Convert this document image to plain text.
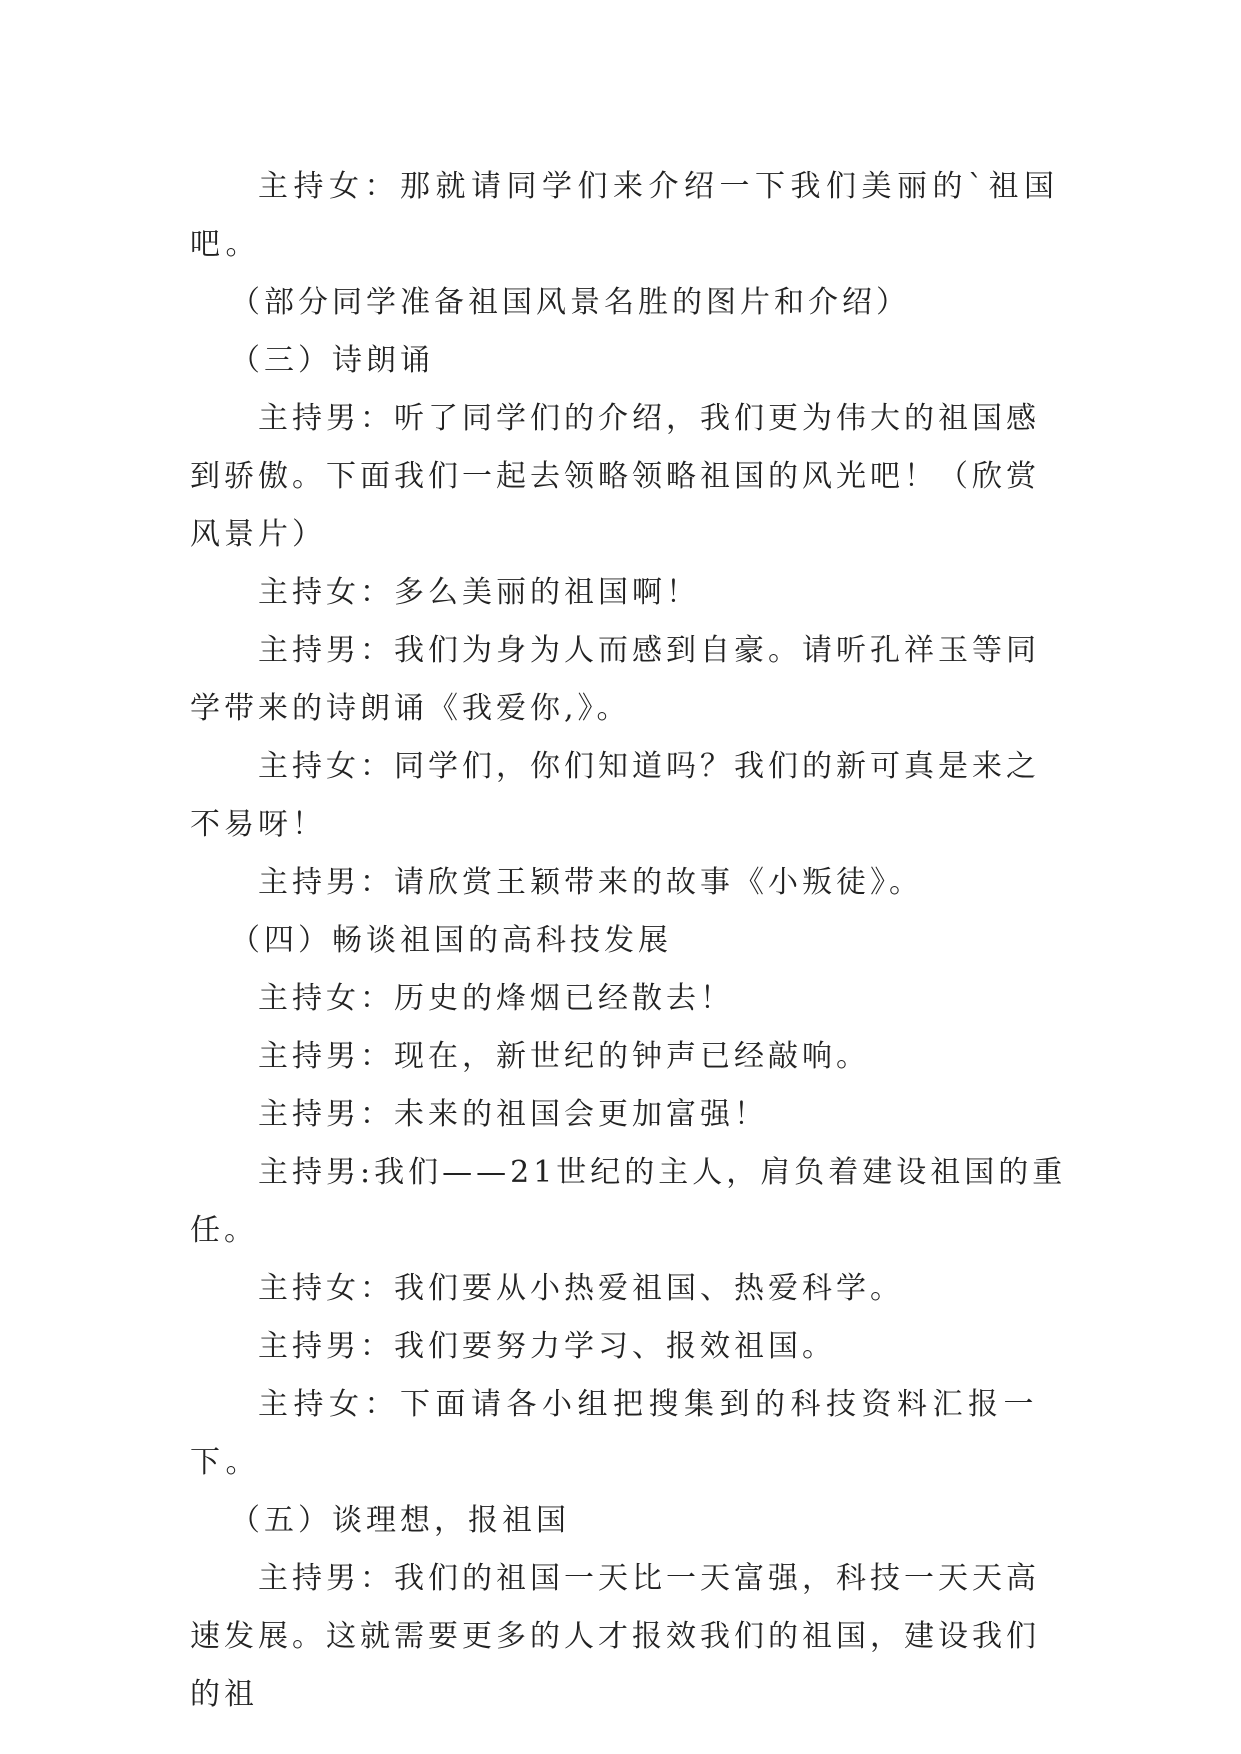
主持女：那就请同学们来介绍一下我们美丽的`祖国吧。

（部分同学准备祖国风景名胜的图片和介绍）

（三）诗朗诵

主持男：听了同学们的介绍，我们更为伟大的祖国感到骄傲。下面我们一起去领略领略祖国的风光吧！（欣赏风景片）

主持女：多么美丽的祖国啊！

主持男：我们为身为人而感到自豪。请听孔祥玉等同学带来的诗朗诵《我爱你,》。

主持女：同学们，你们知道吗？我们的新可真是来之不易呀！

主持男：请欣赏王颖带来的故事《小叛徒》。

（四）畅谈祖国的高科技发展

主持女：历史的烽烟已经散去！

主持男：现在，新世纪的钟声已经敲响。

主持男：未来的祖国会更加富强！

主持男:我们——21世纪的主人，肩负着建设祖国的重任。

主持女：我们要从小热爱祖国、热爱科学。

主持男：我们要努力学习、报效祖国。

主持女：下面请各小组把搜集到的科技资料汇报一下。

（五）谈理想，报祖国

主持男：我们的祖国一天比一天富强，科技一天天高速发展。这就需要更多的人才报效我们的祖国，建设我们的祖
